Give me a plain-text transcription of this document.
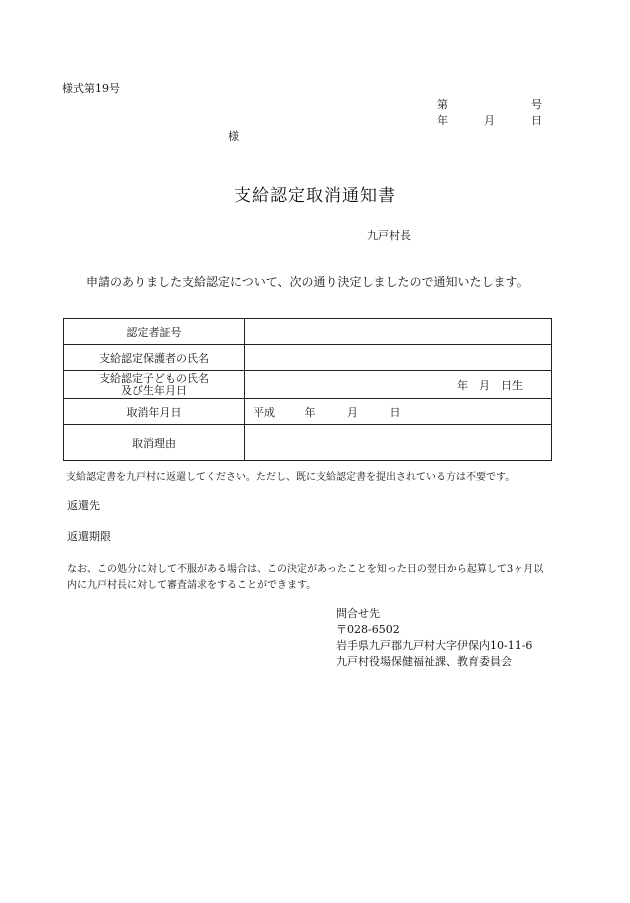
様式第19号
第	号
年	月	日
様
支給認定取消通知書
九戸村長
申請のありました支給認定について、次の通り決定しましたので通知いたします。
認定者証号	
支給認定保護者の氏名	
支給認定子どもの氏名
及び生年月日	年　月　日生
取消年月日	平成 年 月 日
取消理由	
支給認定書を九戸村に返還してください。ただし、既に支給認定書を提出されている方は不要です。
返還先
返還期限
なお、この処分に対して不服がある場合は、この決定があったことを知った日の翌日から起算して3ヶ月以
内に九戸村長に対して審査請求をすることができます。
問合せ先
〒028-6502
岩手県九戸郡九戸村大字伊保内10-11-6
九戸村役場保健福祉課、教育委員会
